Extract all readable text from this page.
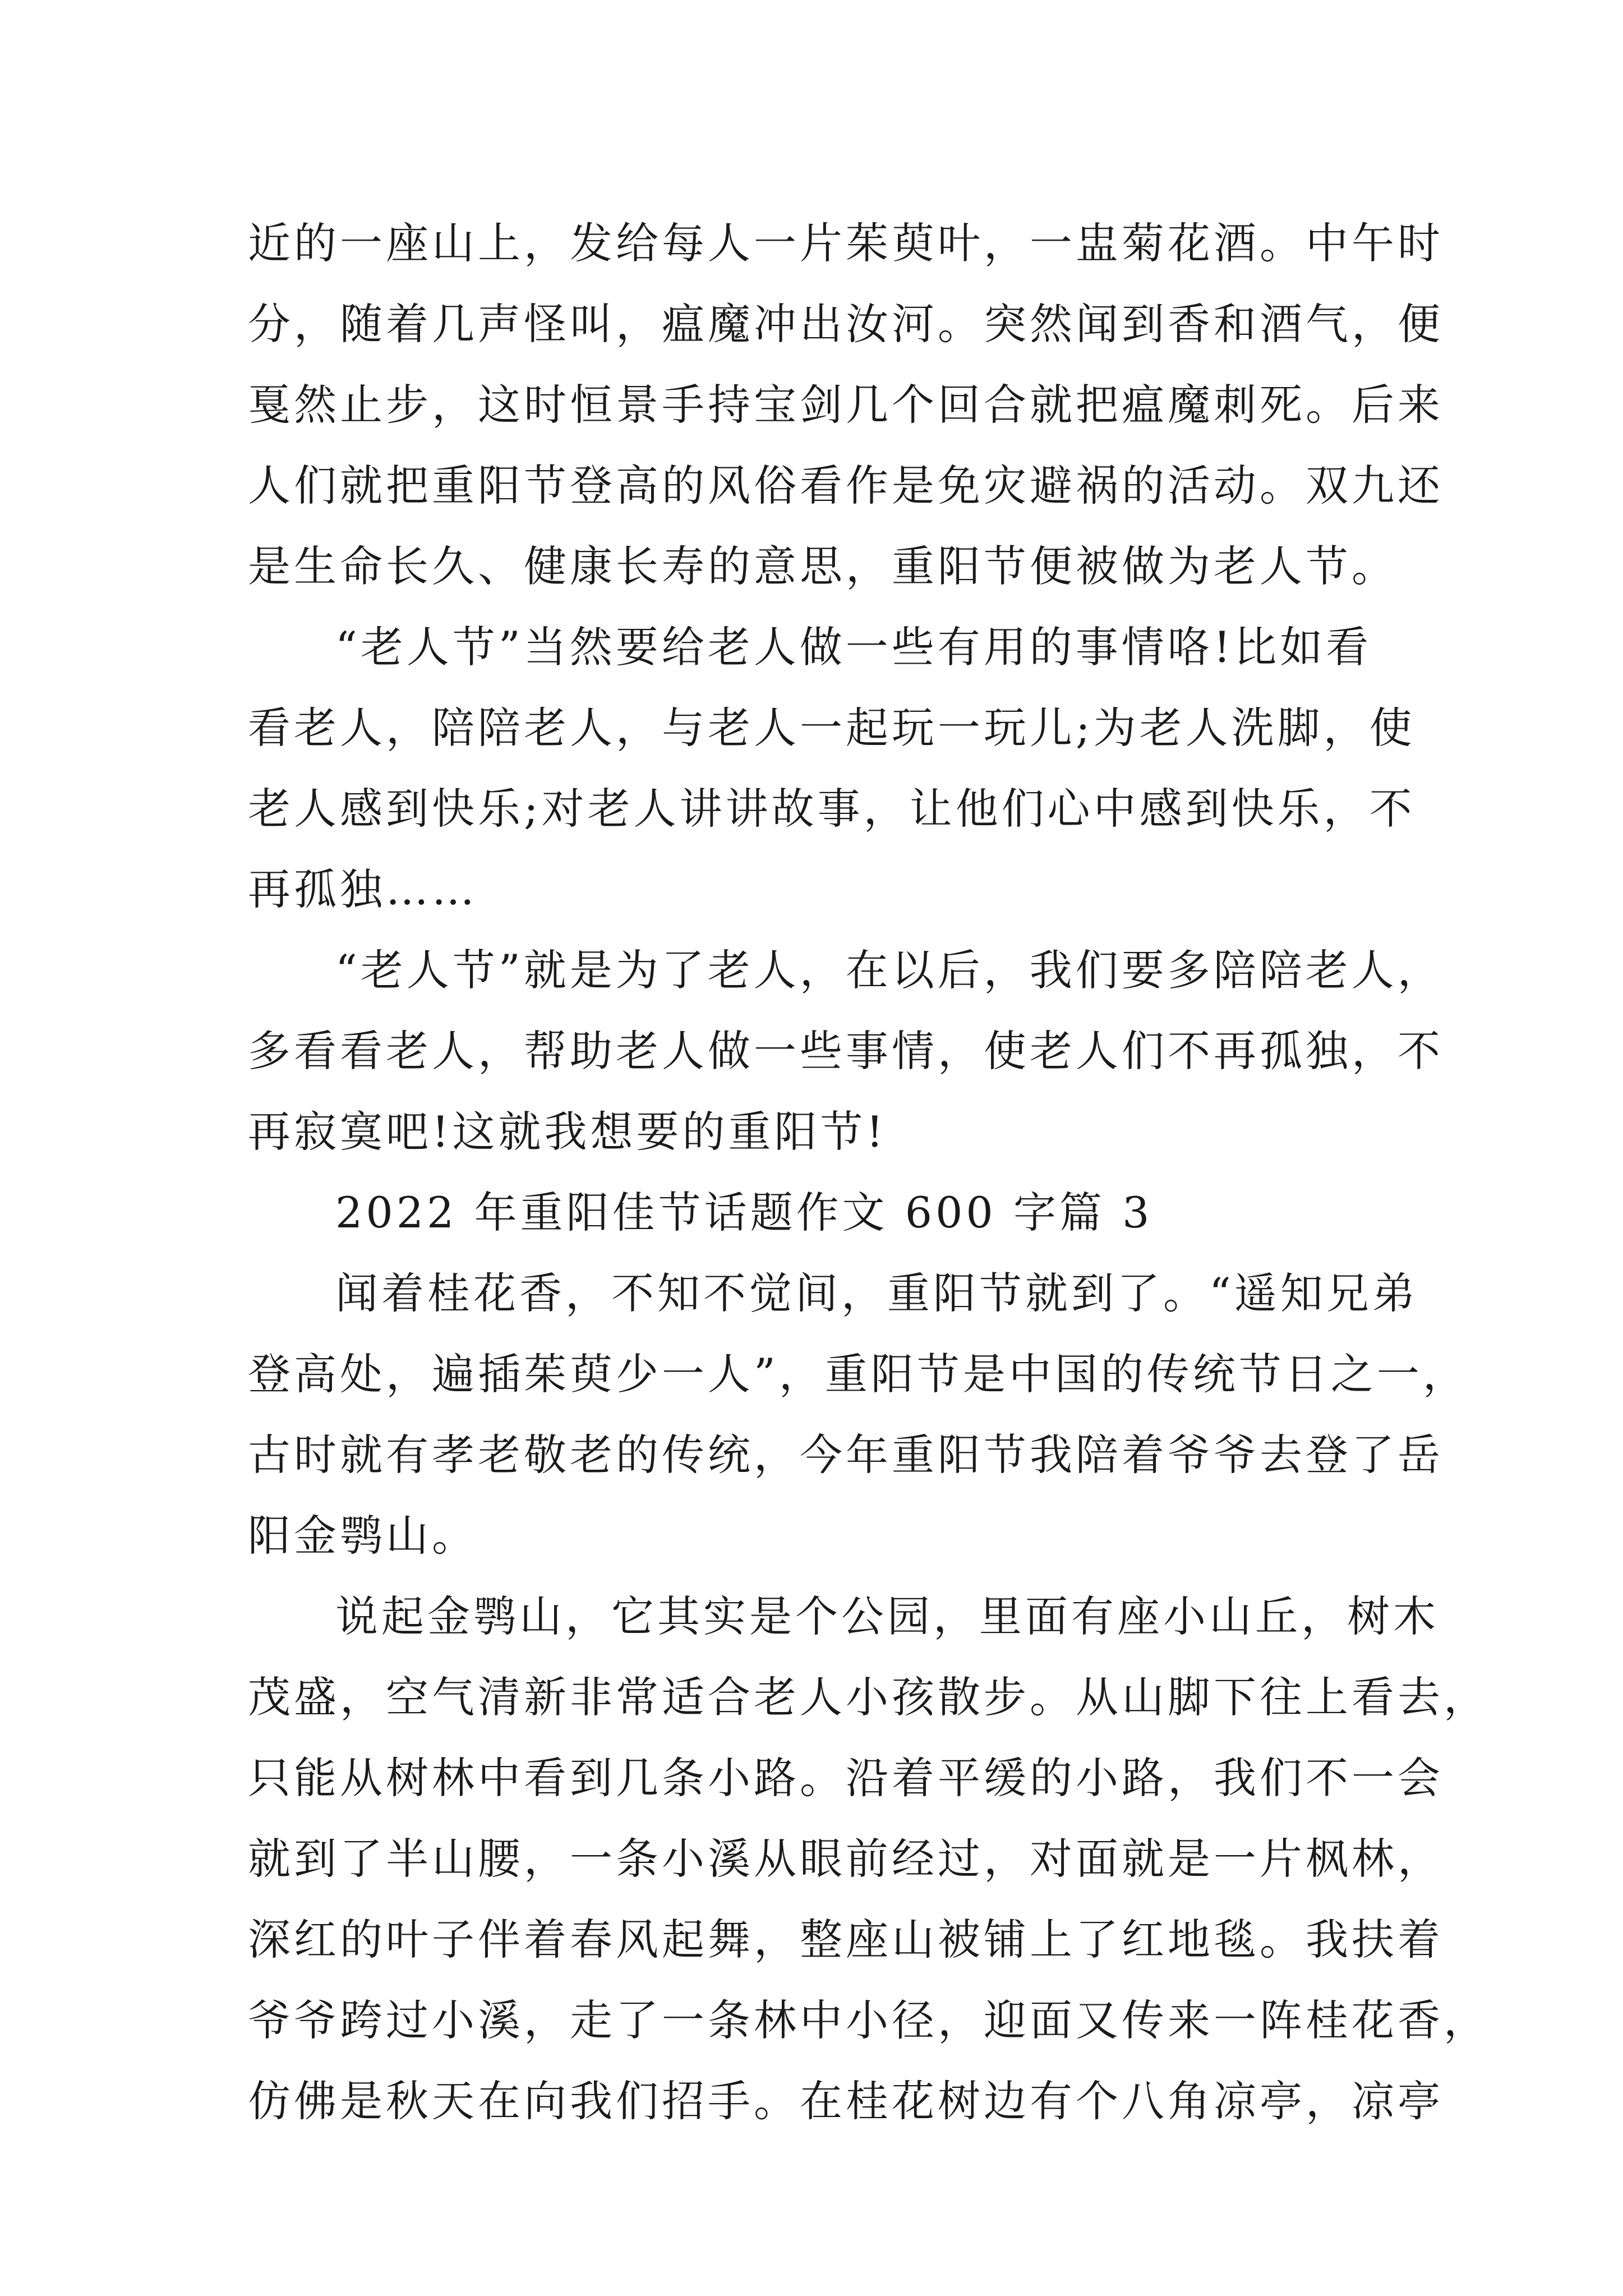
近的一座山上，发给每人一片茱萸叶，一盅菊花酒。中午时
分，随着几声怪叫，瘟魔冲出汝河。突然闻到香和酒气，便
戛然止步，这时恒景手持宝剑几个回合就把瘟魔刺死。后来
人们就把重阳节登高的风俗看作是免灾避祸的活动。双九还
是生命长久、健康长寿的意思，重阳节便被做为老人节。
“老人节”当然要给老人做一些有用的事情咯!比如看
看老人，陪陪老人，与老人一起玩一玩儿;为老人洗脚，使
老人感到快乐;对老人讲讲故事，让他们心中感到快乐，不
再孤独……
“老人节”就是为了老人，在以后，我们要多陪陪老人，
多看看老人，帮助老人做一些事情，使老人们不再孤独，不
再寂寞吧!这就我想要的重阳节!
2022 年重阳佳节话题作文 600 字篇 3
闻着桂花香，不知不觉间，重阳节就到了。“遥知兄弟
登高处，遍插茱萸少一人”，重阳节是中国的传统节日之一，
古时就有孝老敬老的传统，今年重阳节我陪着爷爷去登了岳
阳金鹗山。
说起金鹗山，它其实是个公园，里面有座小山丘，树木
茂盛，空气清新非常适合老人小孩散步。从山脚下往上看去，
只能从树林中看到几条小路。沿着平缓的小路，我们不一会
就到了半山腰，一条小溪从眼前经过，对面就是一片枫林，
深红的叶子伴着春风起舞，整座山被铺上了红地毯。我扶着
爷爷跨过小溪，走了一条林中小径，迎面又传来一阵桂花香，
仿佛是秋天在向我们招手。在桂花树边有个八角凉亭，凉亭
